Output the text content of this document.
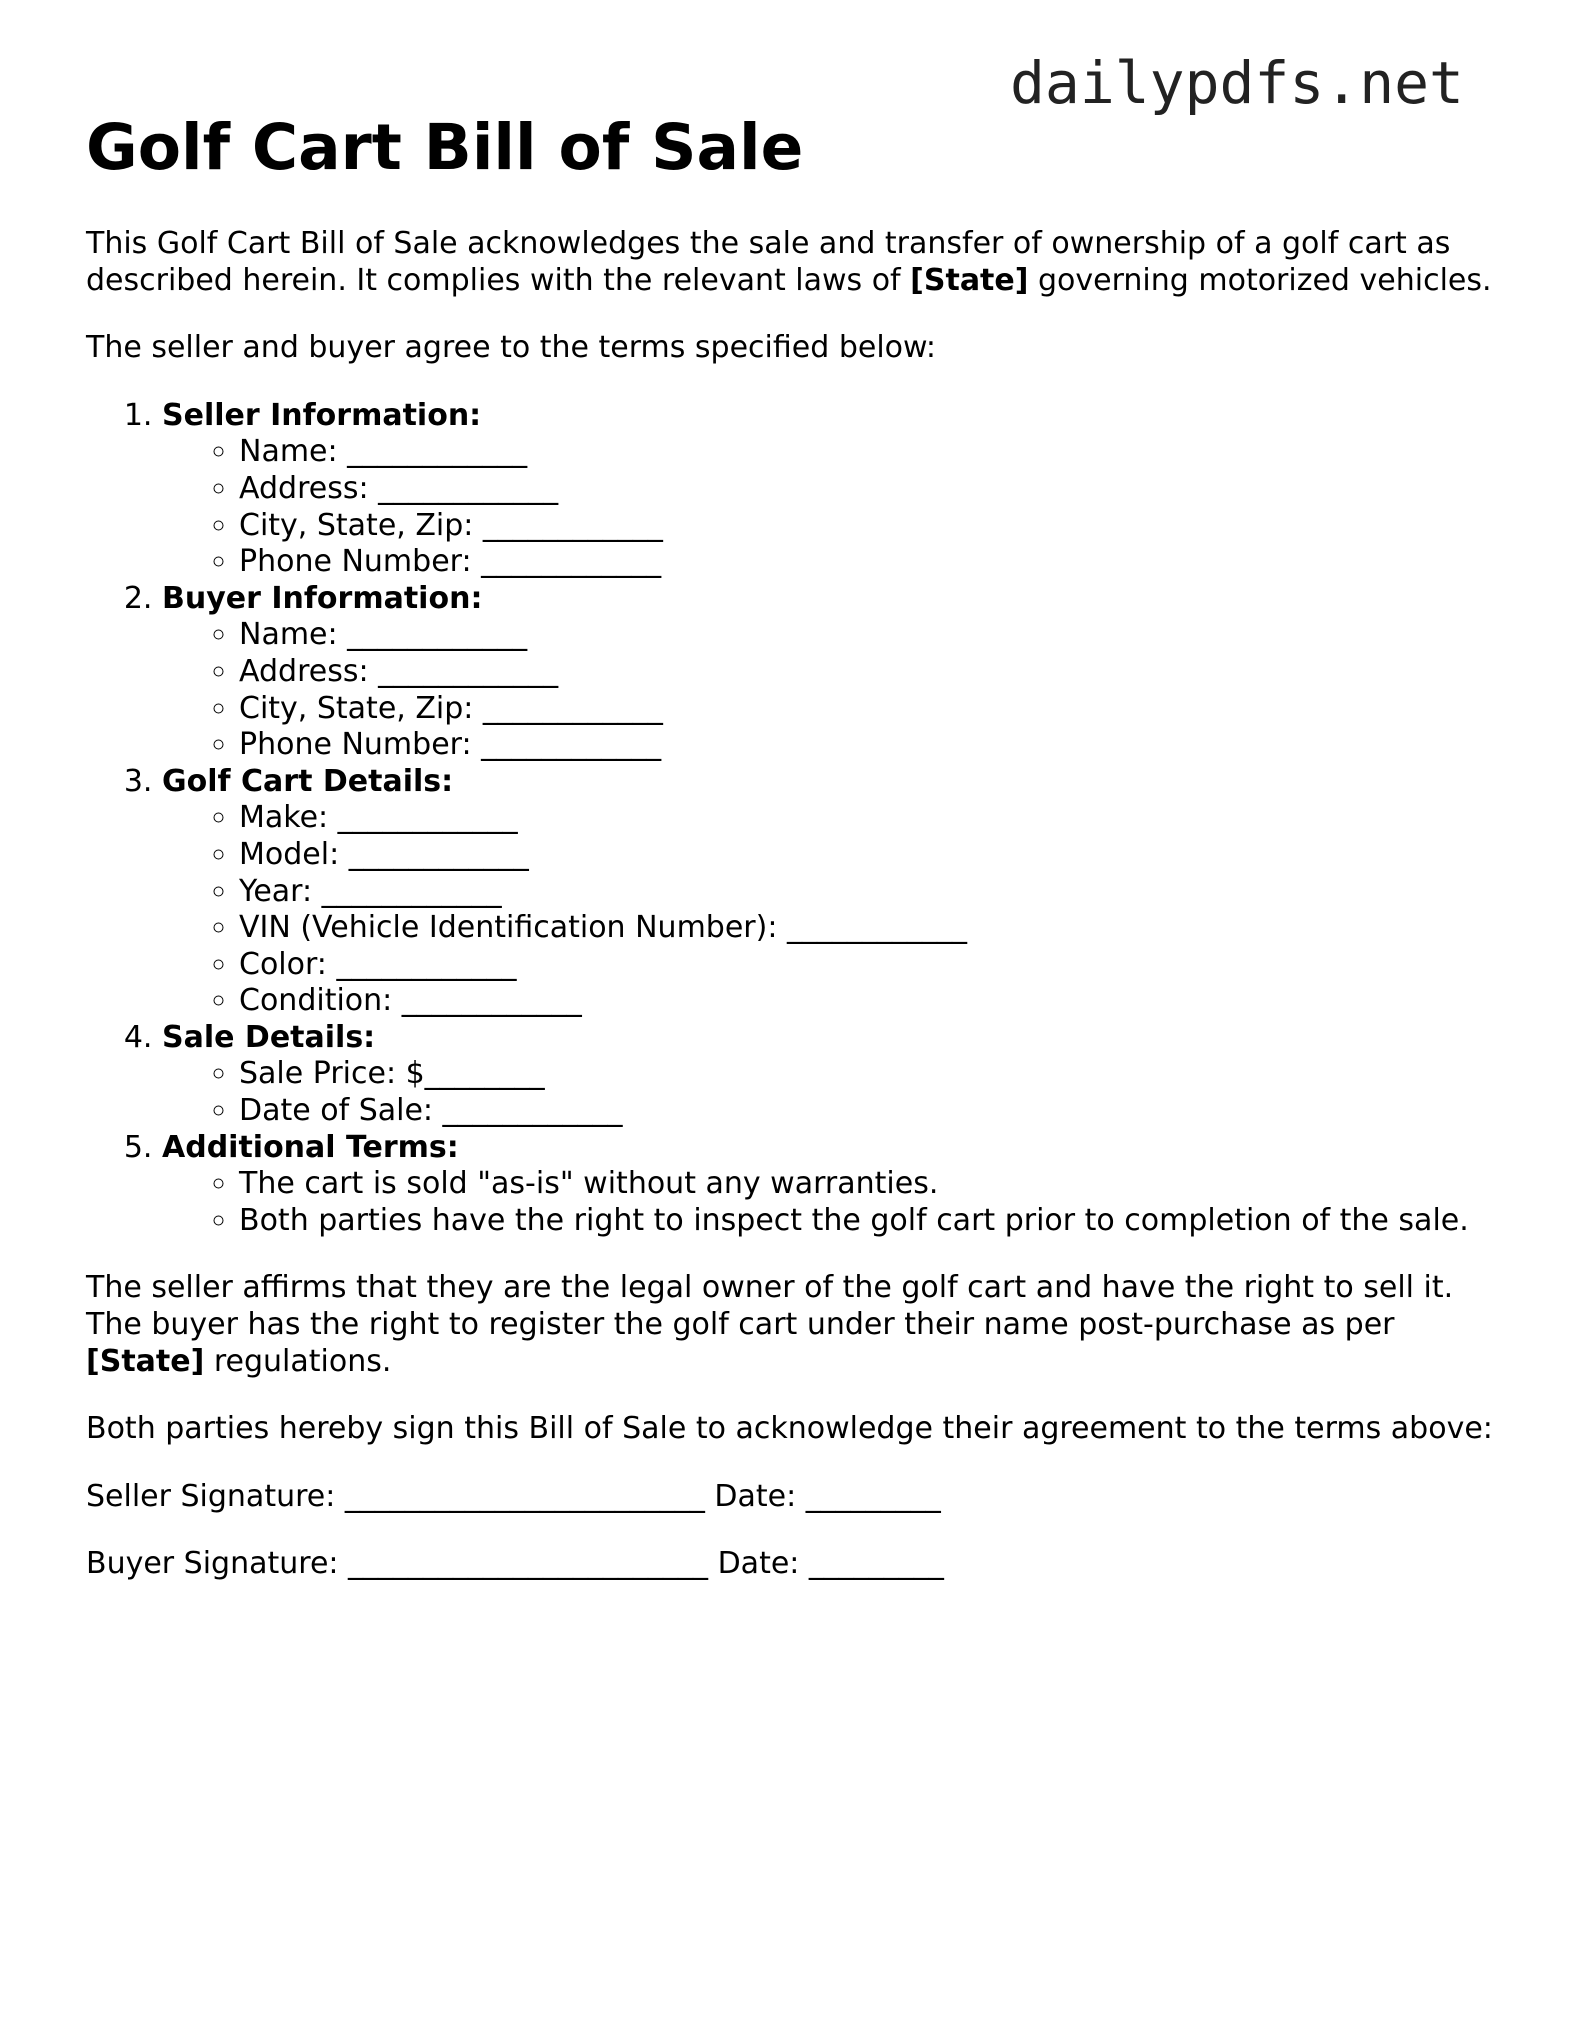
dailypdfs.net
Golf Cart Bill of Sale

This Golf Cart Bill of Sale acknowledges the sale and transfer of ownership of a golf cart as described herein. It complies with the relevant laws of [State] governing motorized vehicles.

The seller and buyer agree to the terms specified below:

1. Seller Information:
◦ Name: ____________
◦ Address: ____________
◦ City, State, Zip: ____________
◦ Phone Number: ____________
2. Buyer Information:
◦ Name: ____________
◦ Address: ____________
◦ City, State, Zip: ____________
◦ Phone Number: ____________
3. Golf Cart Details:
◦ Make: ____________
◦ Model: ____________
◦ Year: ____________
◦ VIN (Vehicle Identification Number): ____________
◦ Color: ____________
◦ Condition: ____________
4. Sale Details:
◦ Sale Price: $________
◦ Date of Sale: ____________
5. Additional Terms:
◦ The cart is sold "as-is" without any warranties.
◦ Both parties have the right to inspect the golf cart prior to completion of the sale.

The seller affirms that they are the legal owner of the golf cart and have the right to sell it. The buyer has the right to register the golf cart under their name post-purchase as per [State] regulations.

Both parties hereby sign this Bill of Sale to acknowledge their agreement to the terms above:

Seller Signature: ________________________ Date: _________

Buyer Signature: ________________________ Date: _________
